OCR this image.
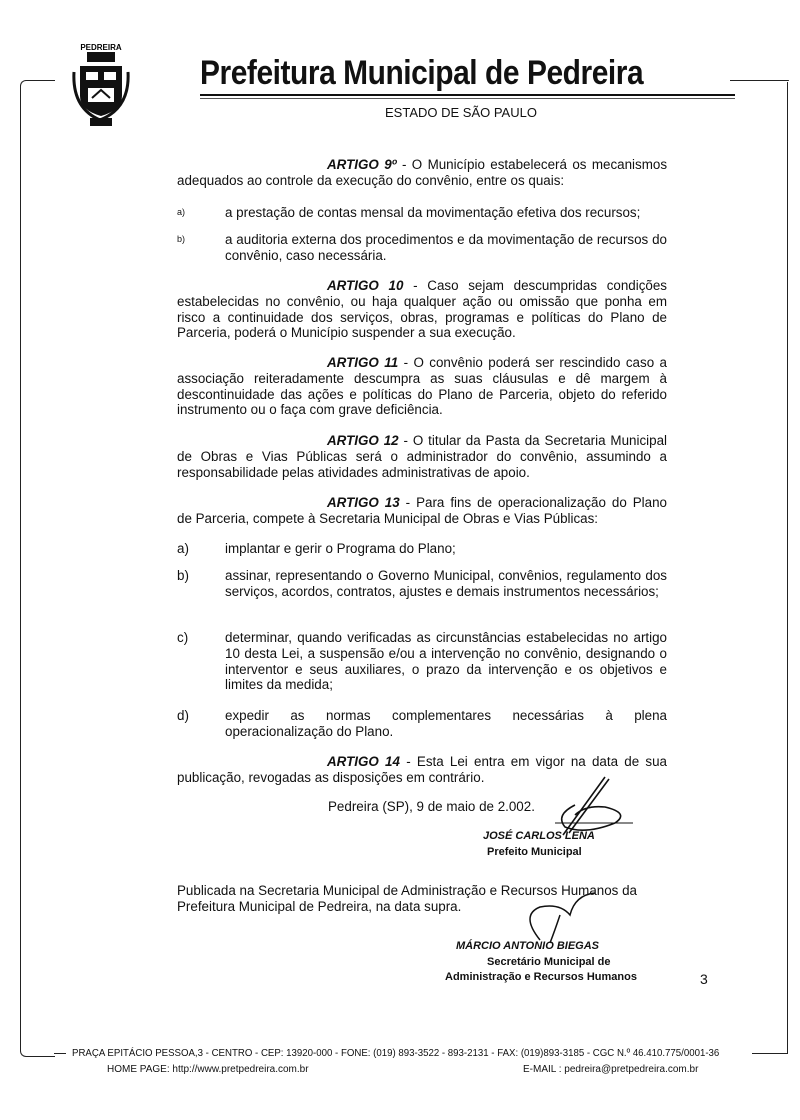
PEDREIRA
Prefeitura Municipal de Pedreira
ESTADO DE SÃO PAULO

ARTIGO 9º - O Município estabelecerá os mecanismos adequados ao controle da execução do convênio, entre os quais:

a)	a prestação de contas mensal da movimentação efetiva dos recursos;
b)	a auditoria externa dos procedimentos e da movimentação de recursos do convênio, caso necessária.

ARTIGO 10 - Caso sejam descumpridas condições estabelecidas no convênio, ou haja qualquer ação ou omissão que ponha em risco a continuidade dos serviços, obras, programas e políticas do Plano de Parceria, poderá o Município suspender a sua execução.

ARTIGO 11 - O convênio poderá ser rescindido caso a associação reiteradamente descumpra as suas cláusulas e dê margem à descontinuidade das ações e políticas do Plano de Parceria, objeto do referido instrumento ou o faça com grave deficiência.

ARTIGO 12 - O titular da Pasta da Secretaria Municipal de Obras e Vias Públicas será o administrador do convênio, assumindo a responsabilidade pelas atividades administrativas de apoio.

ARTIGO 13 - Para fins de operacionalização do Plano de Parceria, compete à Secretaria Municipal de Obras e Vias Públicas:

a)	implantar e gerir o Programa do Plano;
b)	assinar, representando o Governo Municipal, convênios, regulamento dos serviços, acordos, contratos, ajustes e demais instrumentos necessários;
c)	determinar, quando verificadas as circunstâncias estabelecidas no artigo 10 desta Lei, a suspensão e/ou a intervenção no convênio, designando o interventor e seus auxiliares, o prazo da intervenção e os objetivos e limites da medida;
d)	expedir as normas complementares necessárias à plena operacionalização do Plano.

ARTIGO 14 - Esta Lei entra em vigor na data de sua publicação, revogadas as disposições em contrário.

Pedreira (SP), 9 de maio de 2.002.
JOSÉ CARLOS LENA
Prefeito Municipal

Publicada na Secretaria Municipal de Administração e Recursos Humanos da Prefeitura Municipal de Pedreira, na data supra.

MÁRCIO ANTONIO BIEGAS
Secretário Municipal de
Administração e Recursos Humanos	3
PRAÇA EPITÁCIO PESSOA,3 - CENTRO - CEP: 13920-000 - FONE: (019) 893-3522 - 893-2131 - FAX: (019)893-3185 - CGC N.º 46.410.775/0001-36
HOME PAGE: http://www.pretpedreira.com.br	E-MAIL : pedreira@pretpedreira.com.br
